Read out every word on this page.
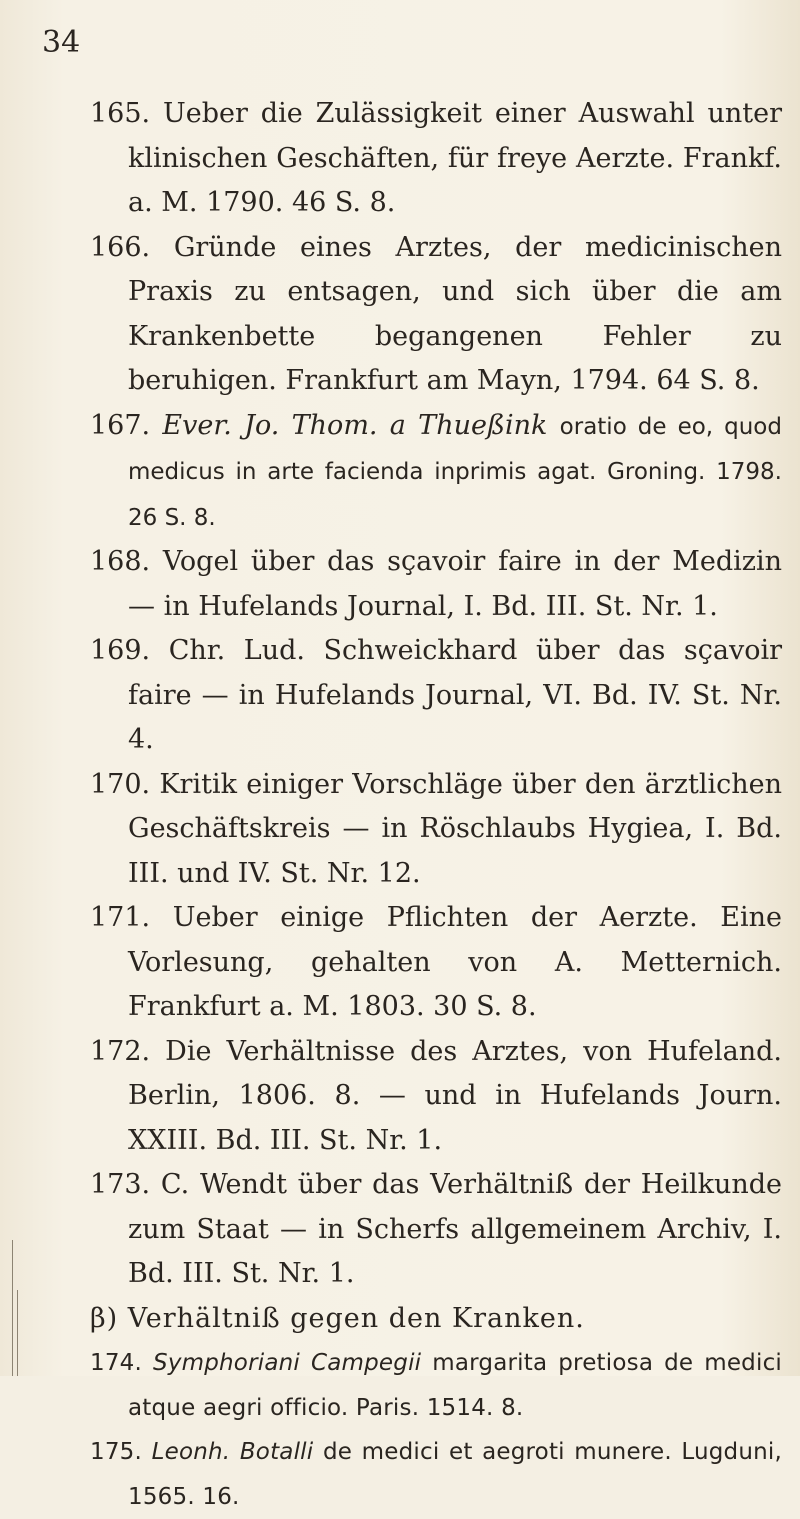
34

165. Ueber die Zulässigkeit einer Auswahl unter klinischen Geschäften, für freye Aerzte. Frankf. a. M. 1790. 46 S. 8.

166. Gründe eines Arztes, der medicinischen Praxis zu entsagen, und sich über die am Krankenbette begangenen Fehler zu beruhigen. Frankfurt am Mayn, 1794. 64 S. 8.

167. Ever. Jo. Thom. a Thueßink oratio de eo, quod medicus in arte facienda inprimis agat. Groning. 1798. 26 S. 8.

168. Vogel über das sçavoir faire in der Medizin — in Hufelands Journal, I. Bd. III. St. Nr. 1.

169. Chr. Lud. Schweickhard über das sçavoir faire — in Hufelands Journal, VI. Bd. IV. St. Nr. 4.

170. Kritik einiger Vorschläge über den ärztlichen Geschäftskreis — in Röschlaubs Hygiea, I. Bd. III. und IV. St. Nr. 12.

171. Ueber einige Pflichten der Aerzte. Eine Vorlesung, gehalten von A. Metternich. Frankfurt a. M. 1803. 30 S. 8.

172. Die Verhältnisse des Arztes, von Hufeland. Berlin, 1806. 8. — und in Hufelands Journ. XXIII. Bd. III. St. Nr. 1.

173. C. Wendt über das Verhältniß der Heilkunde zum Staat — in Scherfs allgemeinem Archiv, I. Bd. III. St. Nr. 1.

β) Verhältniß gegen den Kranken.

174. Symphoriani Campegii margarita pretiosa de medici atque aegri officio. Paris. 1514. 8.

175. Leonh. Botalli de medici et aegroti munere. Lugduni, 1565. 16.
